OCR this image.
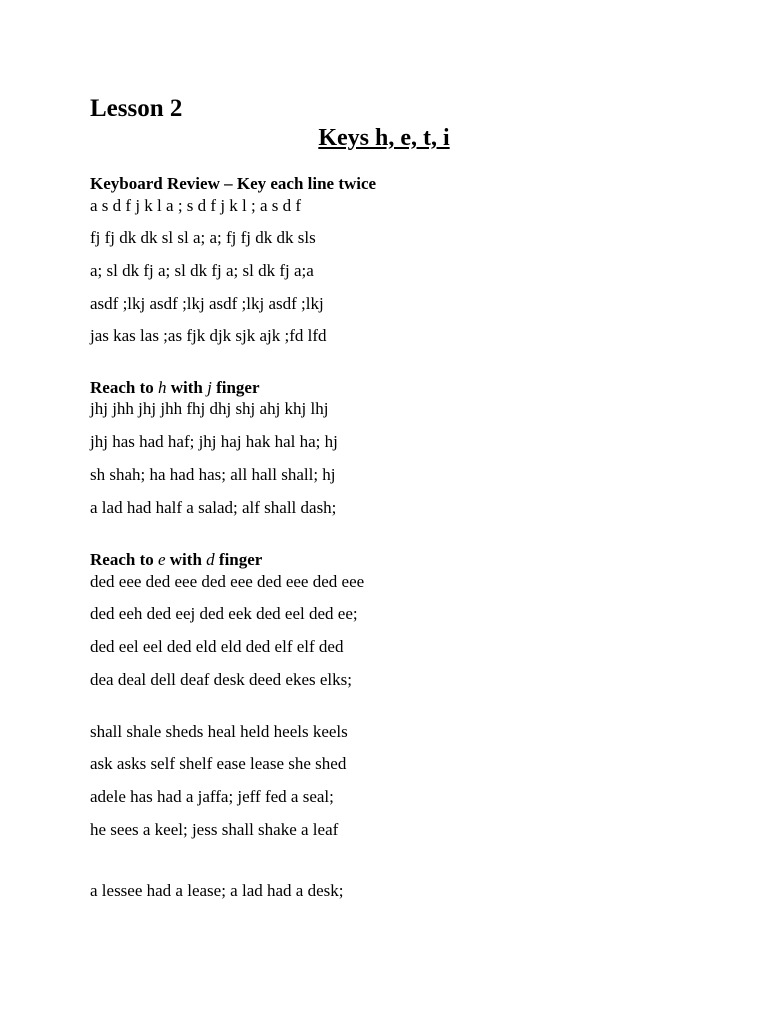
Lesson 2
Keys h, e, t, i
Keyboard Review – Key each line twice
a s d f j k l a ; s d f j k l ; a s d f
fj fj dk dk sl sl a; a; fj fj dk dk sls
a; sl dk fj a; sl dk fj a; sl dk fj a;a
asdf ;lkj asdf ;lkj asdf ;lkj asdf ;lkj
jas kas las ;as fjk djk sjk ajk ;fd lfd
Reach to h with j finger
jhj jhh jhj jhh fhj dhj shj ahj khj lhj
jhj has had haf; jhj haj hak hal ha; hj
sh shah; ha had has; all hall shall; hj
a lad had half a salad; alf shall dash;
Reach to e with d finger
ded eee ded eee ded eee ded eee ded eee
ded eeh ded eej ded eek ded eel ded ee;
ded eel eel ded eld eld ded elf elf ded
dea deal dell deaf desk deed ekes elks;
shall shale sheds heal held heels keels
ask asks self shelf ease lease she shed
adele has had a jaffa; jeff fed a seal;
he sees a keel; jess shall shake a leaf
a lessee had a lease; a lad had a desk;
